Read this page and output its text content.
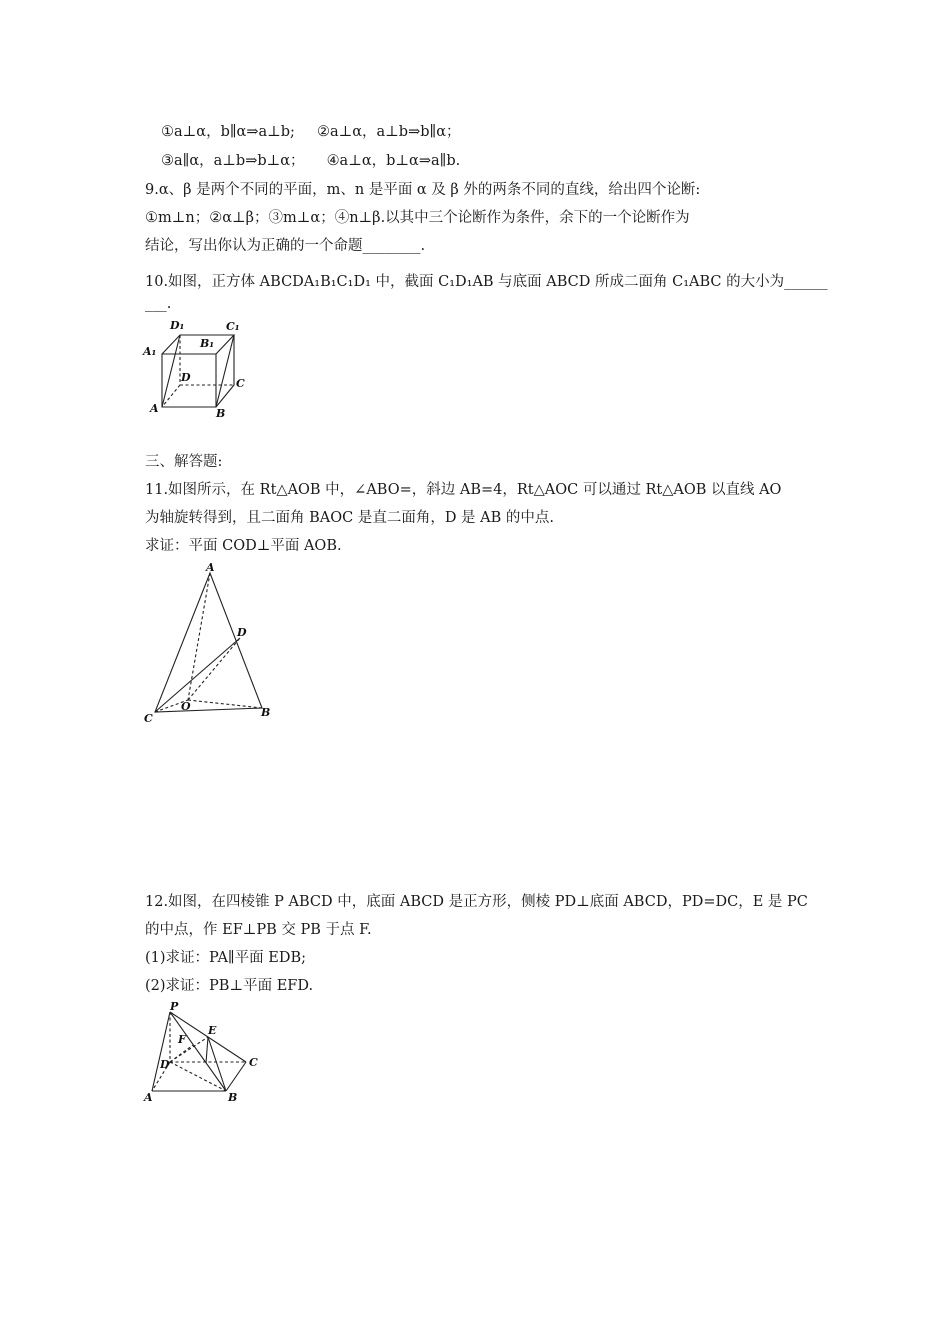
①a⊥α，b∥α⇒a⊥b; ②a⊥α，a⊥b⇒b∥α；
③a∥α，a⊥b⇒b⊥α； ④a⊥α，b⊥α⇒a∥b.
9.α、β 是两个不同的平面，m、n 是平面 α 及 β 外的两条不同的直线，给出四个论断:
①m⊥n；②α⊥β；③m⊥α；④n⊥β.以其中三个论断作为条件，余下的一个论断作为
结论，写出你认为正确的一个命题________.
10.如图，正方体 ABCDA₁B₁C₁D₁ 中，截面 C₁D₁AB 与底面 ABCD 所成二面角 C₁ABC 的大小为______
___.
D₁	C₁
A₁
B₁
D	C
A	B
三、解答题:
11.如图所示，在 Rt△AOB 中，∠ABO=，斜边 AB=4，Rt△AOC 可以通过 Rt△AOB 以直线 AO
为轴旋转得到，且二面角 BAOC 是直二面角，D 是 AB 的中点.
求证：平面 COD⊥平面 AOB.
A
D
O
C	B
12.如图，在四棱锥 P ABCD 中，底面 ABCD 是正方形，侧棱 PD⊥底面 ABCD，PD=DC，E 是 PC
的中点，作 EF⊥PB 交 PB 于点 F.
(1)求证：PA∥平面 EDB;
(2)求证：PB⊥平面 EFD.
P
E
F
D	C
A	B
